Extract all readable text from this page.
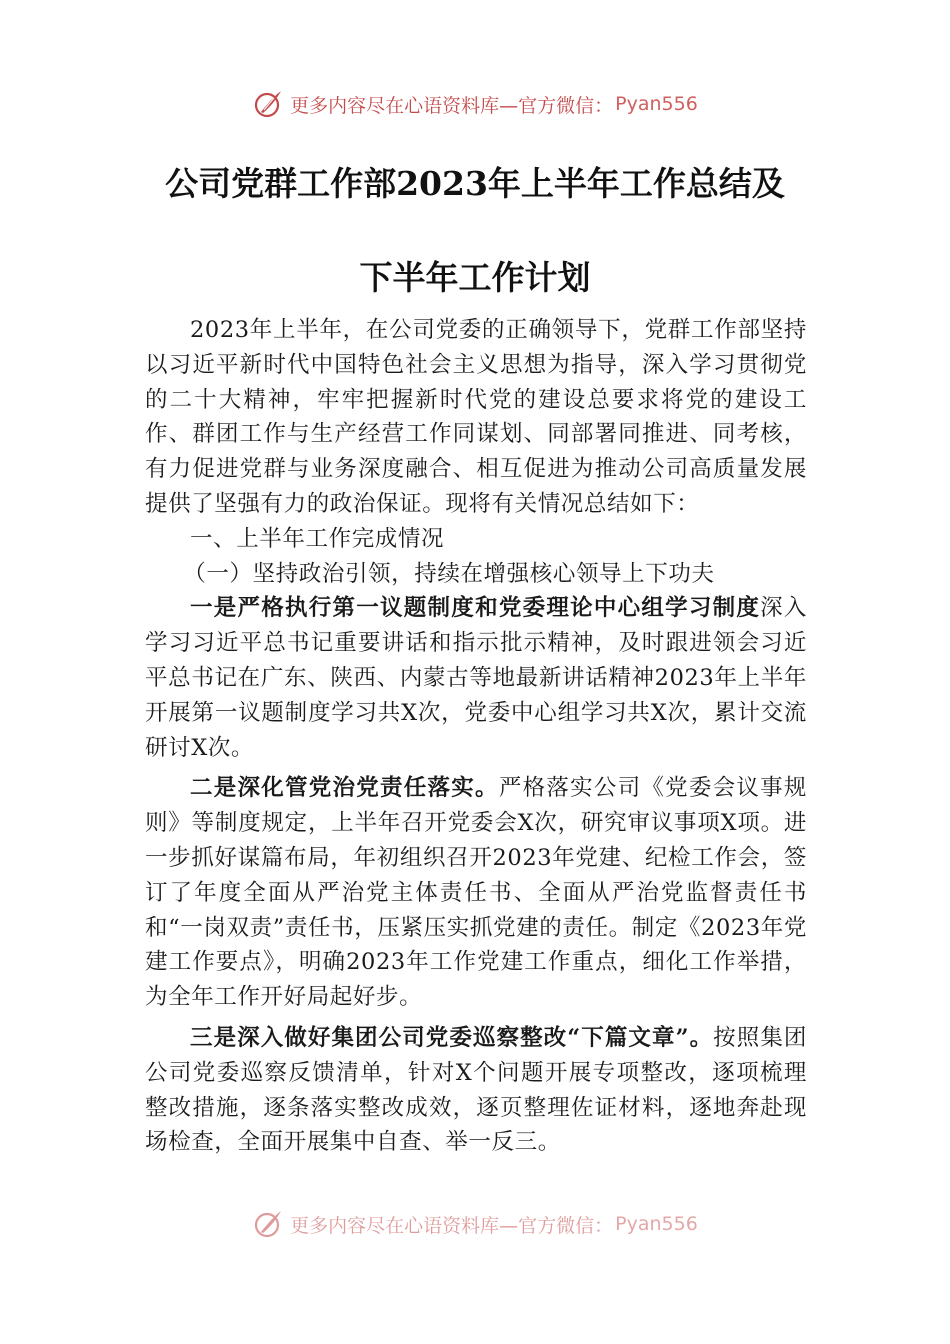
更多内容尽在心语资料库—官方微信： Pyan556
公司党群工作部2023年上半年工作总结及
下半年工作计划

2023年上半年，在公司党委的正确领导下，党群工作部坚持以习近平新时代中国特色社会主义思想为指导，深入学习贯彻党的二十大精神，牢牢把握新时代党的建设总要求将党的建设工作、群团工作与生产经营工作同谋划、同部署同推进、同考核，有力促进党群与业务深度融合、相互促进为推动公司高质量发展提供了坚强有力的政治保证。现将有关情况总结如下：

一、上半年工作完成情况

（一）坚持政治引领，持续在增强核心领导上下功夫

一是严格执行第一议题制度和党委理论中心组学习制度深入学习习近平总书记重要讲话和指示批示精神，及时跟进领会习近平总书记在广东、陕西、内蒙古等地最新讲话精神2023年上半年开展第一议题制度学习共X次，党委中心组学习共X次，累计交流研讨X次。

二是深化管党治党责任落实。严格落实公司《党委会议事规则》等制度规定，上半年召开党委会X次，研究审议事项X项。进一步抓好谋篇布局，年初组织召开2023年党建、纪检工作会，签订了年度全面从严治党主体责任书、全面从严治党监督责任书和“一岗双责”责任书，压紧压实抓党建的责任。制定《2023年党建工作要点》，明确2023年工作党建工作重点，细化工作举措，为全年工作开好局起好步。

三是深入做好集团公司党委巡察整改“下篇文章”。按照集团公司党委巡察反馈清单，针对X个问题开展专项整改，逐项梳理整改措施，逐条落实整改成效，逐页整理佐证材料，逐地奔赴现场检查，全面开展集中自查、举一反三。

更多内容尽在心语资料库—官方微信： Pyan556
